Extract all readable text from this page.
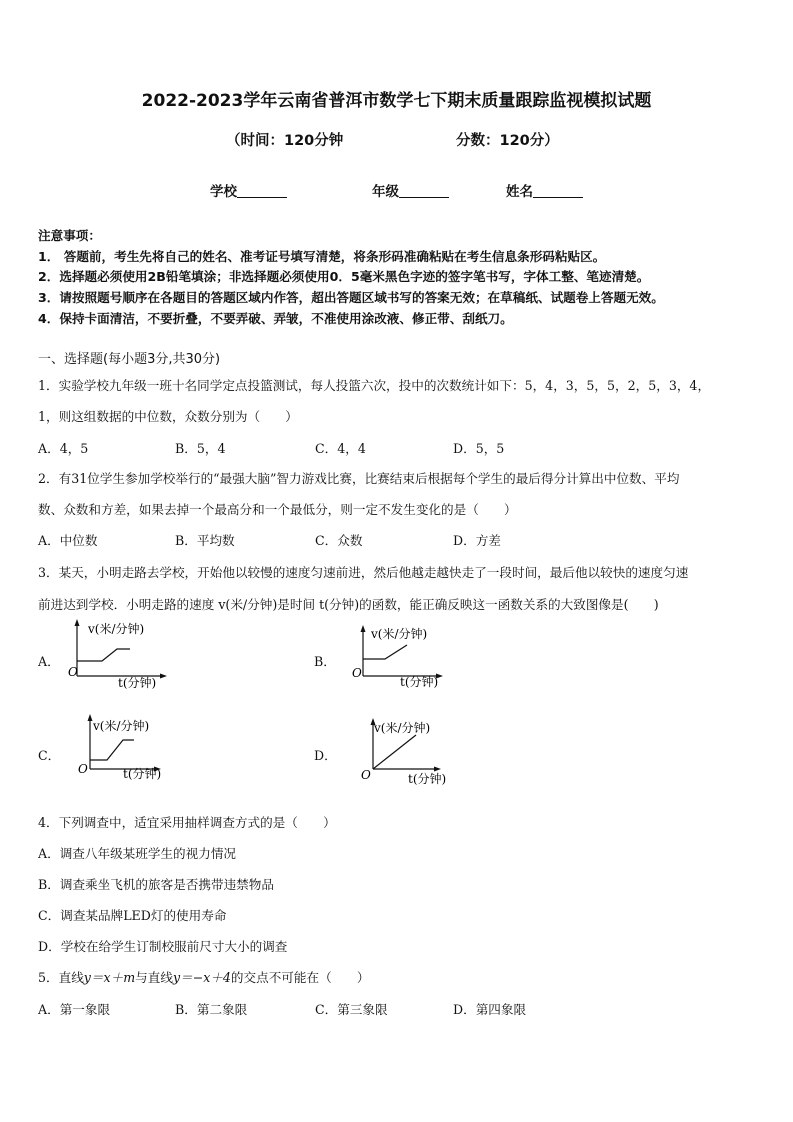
2022-2023学年云南省普洱市数学七下期末质量跟踪监视模拟试题
（时间：120分钟	分数：120分）
学校	年级	姓名
注意事项：
1． 答题前，考生先将自己的姓名、准考证号填写清楚，将条形码准确粘贴在考生信息条形码粘贴区。
2．选择题必须使用2B铅笔填涂；非选择题必须使用0．5毫米黑色字迹的签字笔书写，字体工整、笔迹清楚。
3．请按照题号顺序在各题目的答题区域内作答，超出答题区域书写的答案无效；在草稿纸、试题卷上答题无效。
4．保持卡面清洁，不要折叠，不要弄破、弄皱，不准使用涂改液、修正带、刮纸刀。
一、选择题(每小题3分,共30分)
1．实验学校九年级一班十名同学定点投篮测试，每人投篮六次，投中的次数统计如下：5，4，3，5，5，2，5，3，4，
1，则这组数据的中位数，众数分别为（　　）
A．4，5	B．5，4	C．4，4	D．5，5
2．有31位学生参加学校举行的“最强大脑”智力游戏比赛，比赛结束后根据每个学生的最后得分计算出中位数、平均
数、众数和方差，如果去掉一个最高分和一个最低分，则一定不发生变化的是（　　）
A．中位数	B．平均数	C．众数	D．方差
3．某天，小明走路去学校，开始他以较慢的速度匀速前进，然后他越走越快走了一段时间，最后他以较快的速度匀速
前进达到学校．小明走路的速度 v(米/分钟)是时间 t(分钟)的函数，能正确反映这一函数关系的大致图像是(　　)
A．	B．
C．	D．
v(米/分钟)
O
t(分钟)
v(米/分钟)
O
t(分钟)
v(米/分钟)
O	t(分钟)
v(米/分钟)
O	t(分钟)
4．下列调查中，适宜采用抽样调查方式的是（　　）
A．调查八年级某班学生的视力情况
B．调查乘坐飞机的旅客是否携带违禁物品
C．调查某品牌LED灯的使用寿命
D．学校在给学生订制校服前尺寸大小的调查
5．直线y＝x＋m与直线y＝−x＋4的交点不可能在（　　）
A．第一象限	B．第二象限	C．第三象限	D．第四象限
